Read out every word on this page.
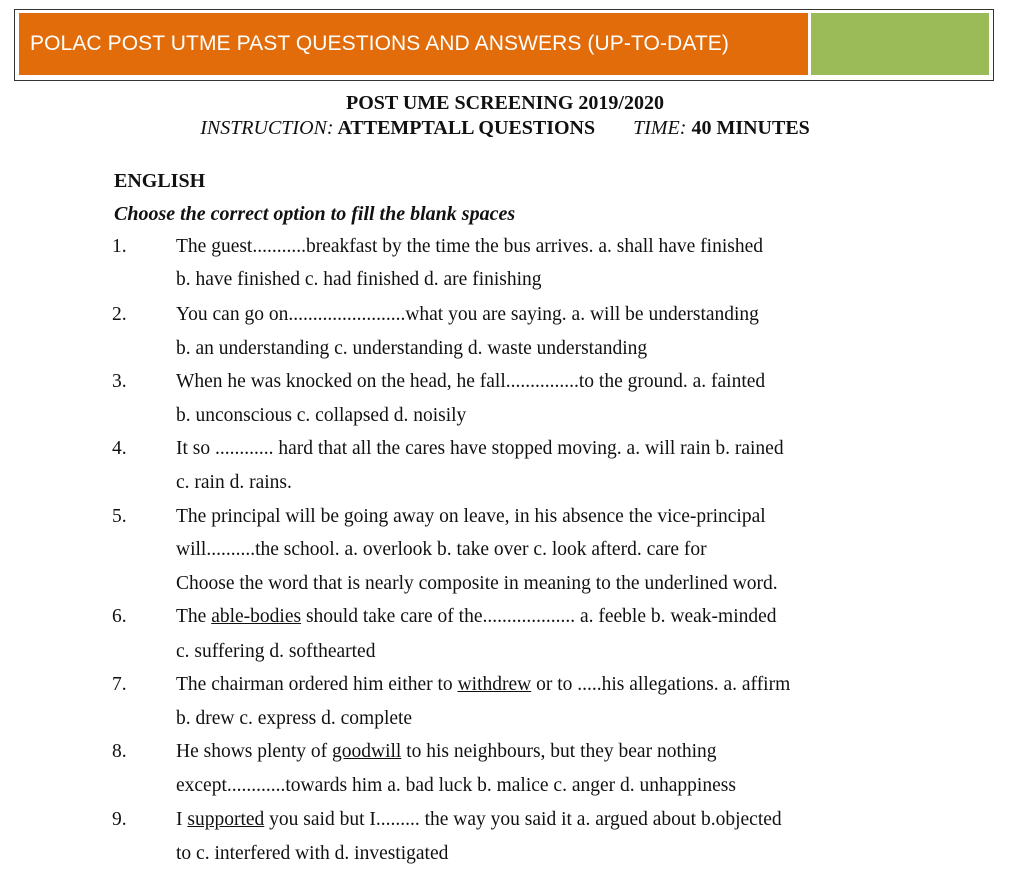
POLAC POST UTME PAST QUESTIONS AND ANSWERS (UP-TO-DATE)
POST UME SCREENING 2019/2020
INSTRUCTION: ATTEMPTALL QUESTIONS TIME: 40 MINUTES
ENGLISH
Choose the correct option to fill the blank spaces
1.	The guest...........breakfast by the time the bus arrives. a. shall have finished
b. have finished c. had finished d. are finishing
2.	You can go on........................what you are saying. a. will be understanding
b. an understanding c. understanding d. waste understanding
3.	When he was knocked on the head, he fall...............to the ground. a. fainted
b. unconscious c. collapsed d. noisily
4.	It so ............ hard that all the cares have stopped moving. a. will rain b. rained
c. rain d. rains.
5.	The principal will be going away on leave, in his absence the vice-principal
will..........the school. a. overlook b. take over c. look afterd. care for
Choose the word that is nearly composite in meaning to the underlined word.
6.	The able-bodies should take care of the................... a. feeble b. weak-minded
c. suffering d. softhearted
7.	The chairman ordered him either to withdrew or to .....his allegations. a. affirm
b. drew c. express d. complete
8.	He shows plenty of goodwill to his neighbours, but they bear nothing
except............towards him a. bad luck b. malice c. anger d. unhappiness
9.	I supported you said but I......... the way you said it a. argued about b.objected
to c. interfered with d. investigated
